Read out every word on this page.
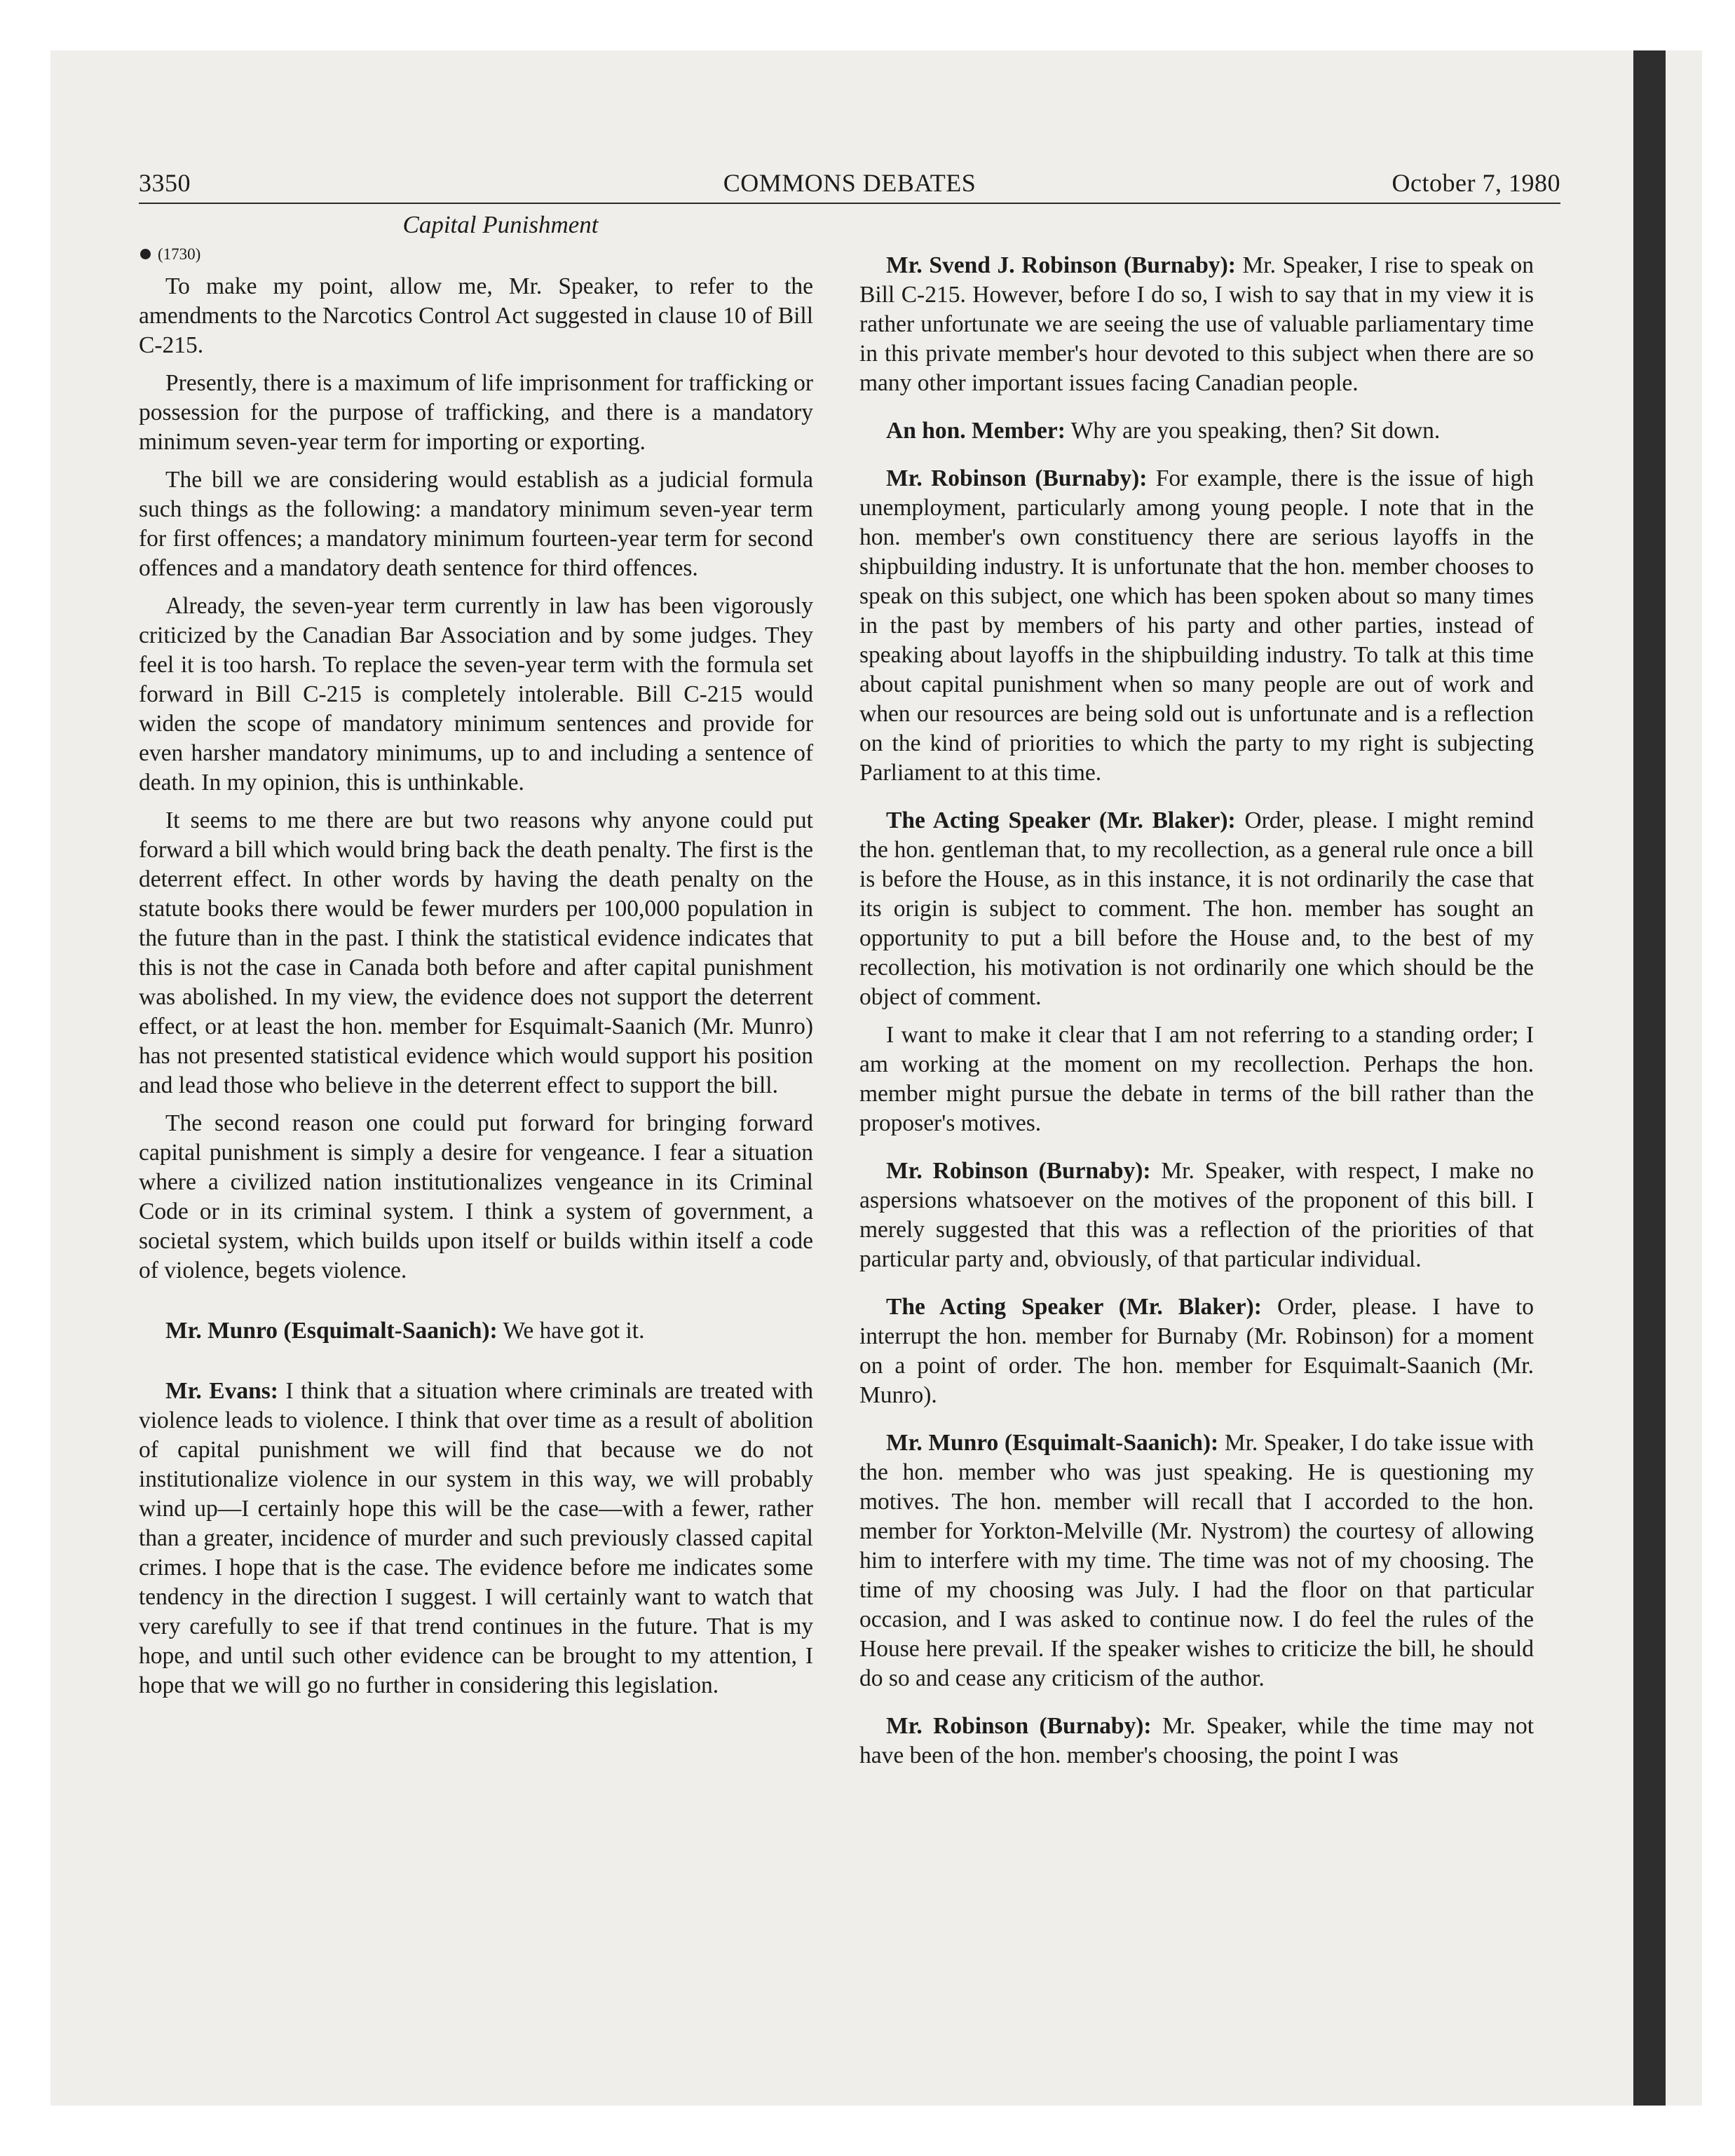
3350	COMMONS DEBATES	October 7, 1980
Capital Punishment
(1730)

To make my point, allow me, Mr. Speaker, to refer to the amendments to the Narcotics Control Act suggested in clause 10 of Bill C-215.

Presently, there is a maximum of life imprisonment for trafficking or possession for the purpose of trafficking, and there is a mandatory minimum seven-year term for importing or exporting.

The bill we are considering would establish as a judicial formula such things as the following: a mandatory minimum seven-year term for first offences; a mandatory minimum fourteen-year term for second offences and a mandatory death sentence for third offences.

Already, the seven-year term currently in law has been vigorously criticized by the Canadian Bar Association and by some judges. They feel it is too harsh. To replace the seven-year term with the formula set forward in Bill C-215 is completely intolerable. Bill C-215 would widen the scope of mandatory minimum sentences and provide for even harsher mandatory minimums, up to and including a sentence of death. In my opinion, this is unthinkable.

It seems to me there are but two reasons why anyone could put forward a bill which would bring back the death penalty. The first is the deterrent effect. In other words by having the death penalty on the statute books there would be fewer murders per 100,000 population in the future than in the past. I think the statistical evidence indicates that this is not the case in Canada both before and after capital punishment was abolished. In my view, the evidence does not support the deterrent effect, or at least the hon. member for Esquimalt-Saanich (Mr. Munro) has not presented statistical evidence which would support his position and lead those who believe in the deterrent effect to support the bill.

The second reason one could put forward for bringing forward capital punishment is simply a desire for vengeance. I fear a situation where a civilized nation institutionalizes vengeance in its Criminal Code or in its criminal system. I think a system of government, a societal system, which builds upon itself or builds within itself a code of violence, begets violence.

Mr. Munro (Esquimalt-Saanich): We have got it.

Mr. Evans: I think that a situation where criminals are treated with violence leads to violence. I think that over time as a result of abolition of capital punishment we will find that because we do not institutionalize violence in our system in this way, we will probably wind up—I certainly hope this will be the case—with a fewer, rather than a greater, incidence of murder and such previously classed capital crimes. I hope that is the case. The evidence before me indicates some tendency in the direction I suggest. I will certainly want to watch that very carefully to see if that trend continues in the future. That is my hope, and until such other evidence can be brought to my attention, I hope that we will go no further in considering this legislation.

Mr. Svend J. Robinson (Burnaby): Mr. Speaker, I rise to speak on Bill C-215. However, before I do so, I wish to say that in my view it is rather unfortunate we are seeing the use of valuable parliamentary time in this private member's hour devoted to this subject when there are so many other important issues facing Canadian people.

An hon. Member: Why are you speaking, then? Sit down.

Mr. Robinson (Burnaby): For example, there is the issue of high unemployment, particularly among young people. I note that in the hon. member's own constituency there are serious layoffs in the shipbuilding industry. It is unfortunate that the hon. member chooses to speak on this subject, one which has been spoken about so many times in the past by members of his party and other parties, instead of speaking about layoffs in the shipbuilding industry. To talk at this time about capital punishment when so many people are out of work and when our resources are being sold out is unfortunate and is a reflection on the kind of priorities to which the party to my right is subjecting Parliament to at this time.

The Acting Speaker (Mr. Blaker): Order, please. I might remind the hon. gentleman that, to my recollection, as a general rule once a bill is before the House, as in this instance, it is not ordinarily the case that its origin is subject to comment. The hon. member has sought an opportunity to put a bill before the House and, to the best of my recollection, his motivation is not ordinarily one which should be the object of comment.

I want to make it clear that I am not referring to a standing order; I am working at the moment on my recollection. Perhaps the hon. member might pursue the debate in terms of the bill rather than the proposer's motives.

Mr. Robinson (Burnaby): Mr. Speaker, with respect, I make no aspersions whatsoever on the motives of the proponent of this bill. I merely suggested that this was a reflection of the priorities of that particular party and, obviously, of that particular individual.

The Acting Speaker (Mr. Blaker): Order, please. I have to interrupt the hon. member for Burnaby (Mr. Robinson) for a moment on a point of order. The hon. member for Esquimalt-Saanich (Mr. Munro).

Mr. Munro (Esquimalt-Saanich): Mr. Speaker, I do take issue with the hon. member who was just speaking. He is questioning my motives. The hon. member will recall that I accorded to the hon. member for Yorkton-Melville (Mr. Nystrom) the courtesy of allowing him to interfere with my time. The time was not of my choosing. The time of my choosing was July. I had the floor on that particular occasion, and I was asked to continue now. I do feel the rules of the House here prevail. If the speaker wishes to criticize the bill, he should do so and cease any criticism of the author.

Mr. Robinson (Burnaby): Mr. Speaker, while the time may not have been of the hon. member's choosing, the point I was
